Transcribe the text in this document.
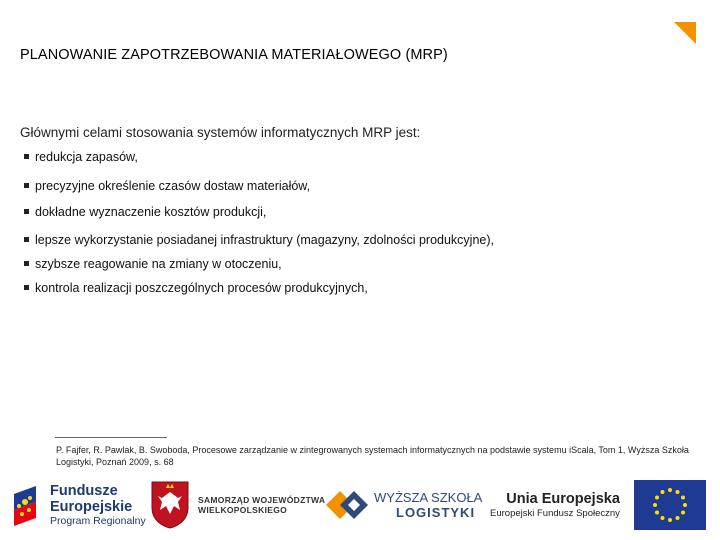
PLANOWANIE ZAPOTRZEBOWANIA MATERIAŁOWEGO (MRP)
Głównymi celami stosowania systemów informatycznych MRP jest:
redukcja zapasów,
precyzyjne określenie czasów dostaw materiałów,
dokładne wyznaczenie kosztów produkcji,
lepsze wykorzystanie posiadanej infrastruktury (magazyny, zdolności produkcyjne),
szybsze reagowanie na zmiany w otoczeniu,
kontrola realizacji poszczególnych procesów produkcyjnych,
P. Fajfer, R. Pawlak, B. Swoboda, Procesowe zarządzanie w zintegrowanych systemach informatycznych na podstawie systemu iScala, Tom 1, Wyższa Szkoła Logistyki, Poznań 2009, s. 68
Fundusze
Europejskie
Program Regionalny
SAMORZĄD WOJEWÓDZTWA
WIELKOPOLSKIEGO
WYŻSZA SZKOŁA
LOGISTYKI
Unia Europejska
Europejski Fundusz Społeczny
